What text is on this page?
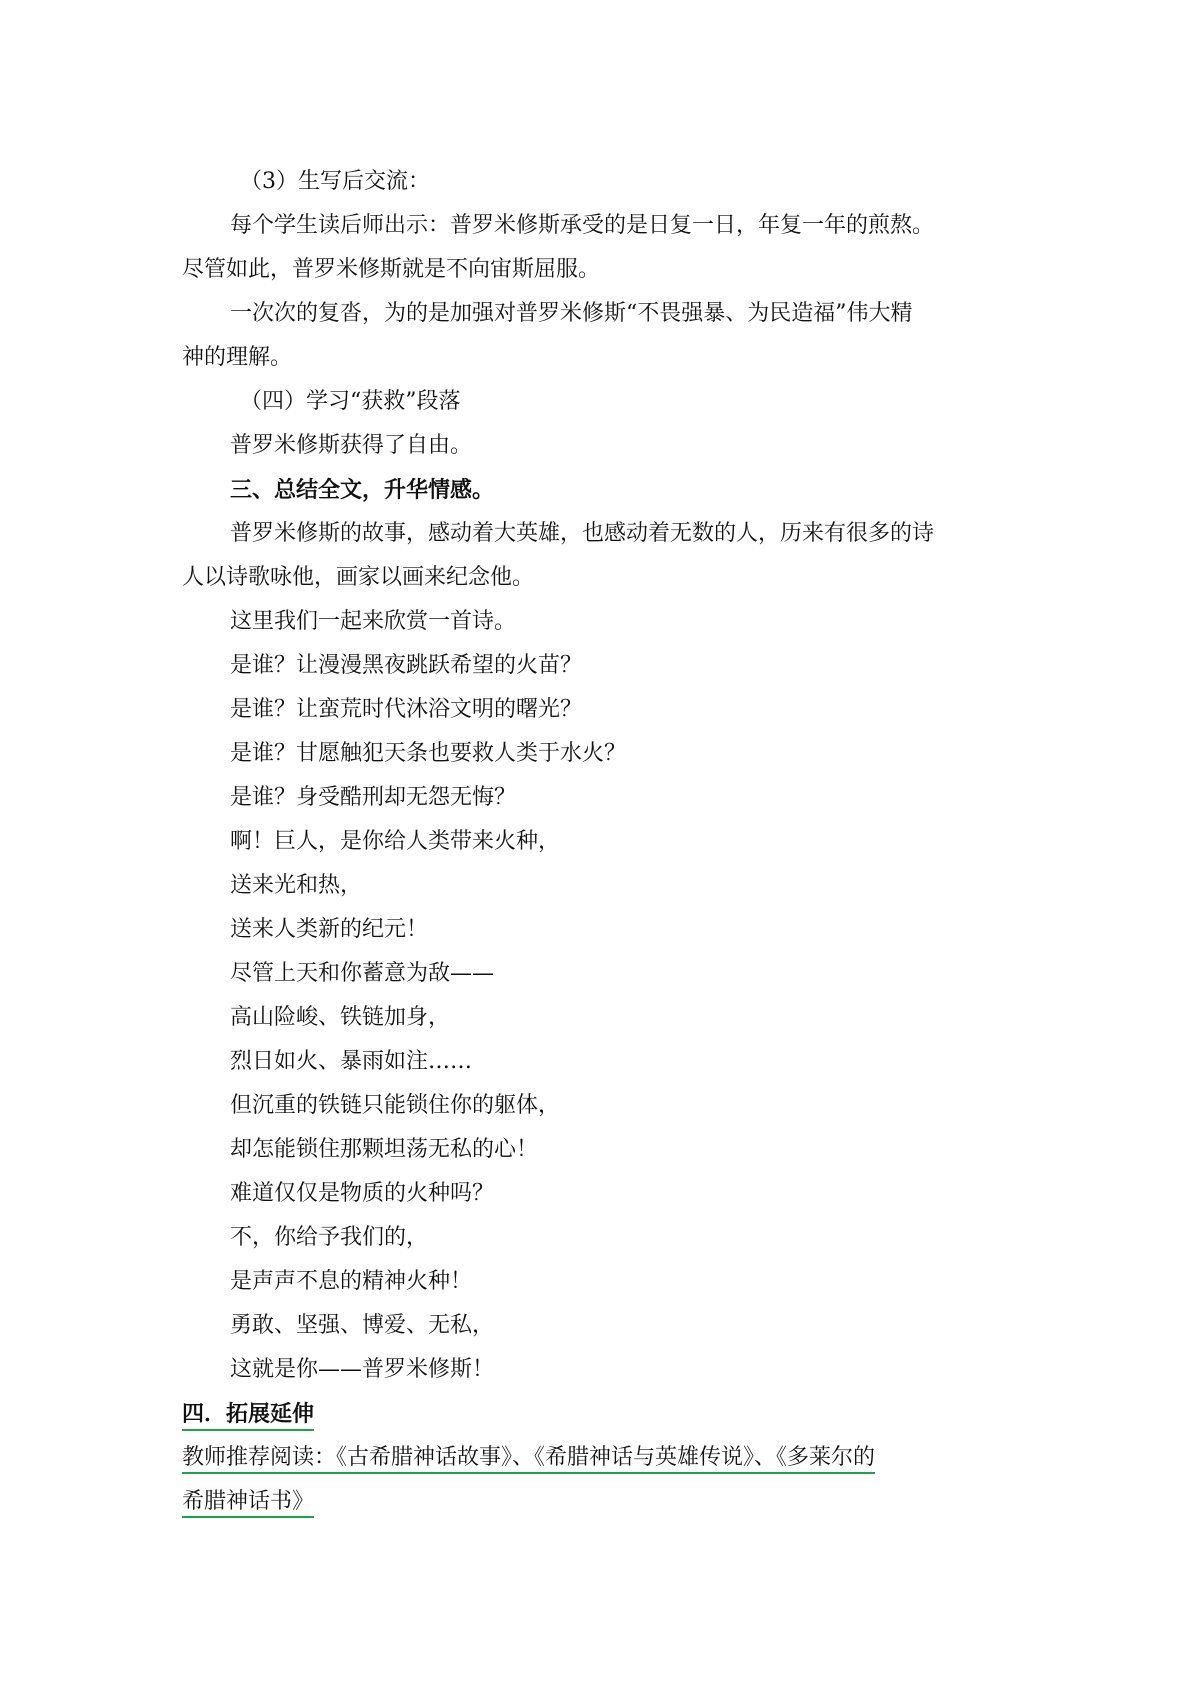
（3）生写后交流：
每个学生读后师出示：普罗米修斯承受的是日复一日，年复一年的煎熬。
尽管如此，普罗米修斯就是不向宙斯屈服。
一次次的复沓，为的是加强对普罗米修斯“不畏强暴、为民造福”伟大精
神的理解。
（四）学习“获救”段落
普罗米修斯获得了自由。
三、总结全文，升华情感。
普罗米修斯的故事，感动着大英雄，也感动着无数的人，历来有很多的诗
人以诗歌咏他，画家以画来纪念他。
这里我们一起来欣赏一首诗。
是谁？让漫漫黑夜跳跃希望的火苗？
是谁？让蛮荒时代沐浴文明的曙光？
是谁？甘愿触犯天条也要救人类于水火？
是谁？身受酷刑却无怨无悔？
啊！巨人，是你给人类带来火种，
送来光和热，
送来人类新的纪元！
尽管上天和你蓄意为敌——
高山险峻、铁链加身，
烈日如火、暴雨如注……
但沉重的铁链只能锁住你的躯体，
却怎能锁住那颗坦荡无私的心！
难道仅仅是物质的火种吗？
不，你给予我们的，
是声声不息的精神火种！
勇敢、坚强、博爱、无私，
这就是你——普罗米修斯！
四．拓展延伸
教师推荐阅读：《古希腊神话故事》、《希腊神话与英雄传说》、《多莱尔的
希腊神话书》
